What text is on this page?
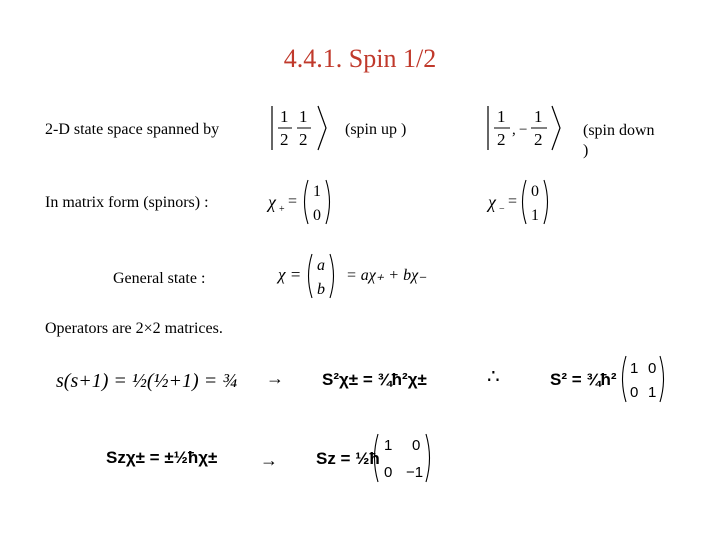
4.4.1. Spin 1/2
2-D state space spanned by
1
2
1
2
(spin up )
1
2 , −
1
2	(spin down
)
In matrix form (spinors) :	χ + =
1
0
χ − =
0
1
General state :	χ = a
b
= aχ₊ + bχ₋
Operators are 2×2 matrices.
s(s+1) = ½(½+1) = ¾ → S²χ± = ¾ħ²χ±	∴	S² = ¾ħ²
1 0
0 1
Szχ± = ±½ħχ± → Sz = ½ħ
1 0
0 −1
